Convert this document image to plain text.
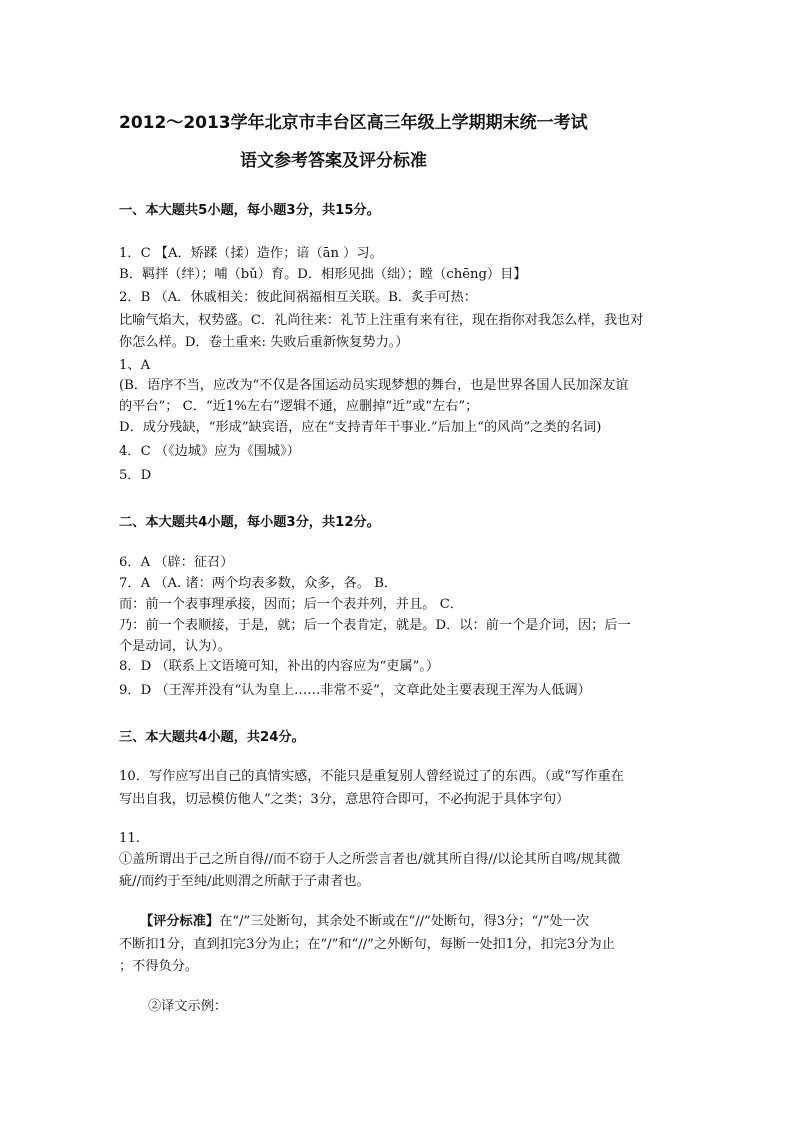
2012～2013学年北京市丰台区高三年级上学期期末统一考试
语文参考答案及评分标准
一、本大题共5小题，每小题3分，共15分。
1．C 【A．矫蹂（揉）造作；谙（ān ）习。
B．羁拌（绊）；哺（bǔ）育。D．相形见拙（绌）；瞠（chēng）目】
2．B （A．休戚相关：彼此间祸福相互关联。B．炙手可热：
比喻气焰大，权势盛。C．礼尚往来：礼节上注重有来有往，现在指你对我怎么样，我也对
你怎么样。D．卷土重来: 失败后重新恢复势力。）
1、A
(B．语序不当，应改为“不仅是各国运动员实现梦想的舞台，也是世界各国人民加深友谊
的平台”； C．“近1%左右”逻辑不通，应删掉“近”或“左右”；
D．成分残缺，“形成”缺宾语，应在“支持青年干事业.”后加上“的风尚”之类的名词)
4．C （《边城》应为《围城》）
5．D
二、本大题共4小题，每小题3分，共12分。
6．A （辟：征召）
7．A （A. 诸：两个均表多数，众多，各。 B．
而：前一个表事理承接，因而；后一个表并列，并且。 C．
乃：前一个表顺接，于是，就；后一个表肯定，就是。D．以：前一个是介词，因；后一
个是动词，认为）。
8．D （联系上文语境可知，补出的内容应为“吏属”。）
9．D （王浑并没有“认为皇上……非常不妥”，文章此处主要表现王浑为人低调）
三、本大题共4小题，共24分。
10．写作应写出自己的真情实感，不能只是重复别人曾经说过了的东西。（或“写作重在
写出自我，切忌模仿他人”之类；3分，意思符合即可，不必拘泥于具体字句）
11.
①盖所谓出于己之所自得//而不窃于人之所尝言者也/就其所自得//以论其所自鸣/规其微
疵//而约于至纯/此则渭之所献于子肃者也。
【评分标准】在“/”三处断句，其余处不断或在“//”处断句，得3分；“/”处一次
不断扣1分，直到扣完3分为止；在“/”和“//”之外断句，每断一处扣1分，扣完3分为止
；不得负分。
②译文示例：
